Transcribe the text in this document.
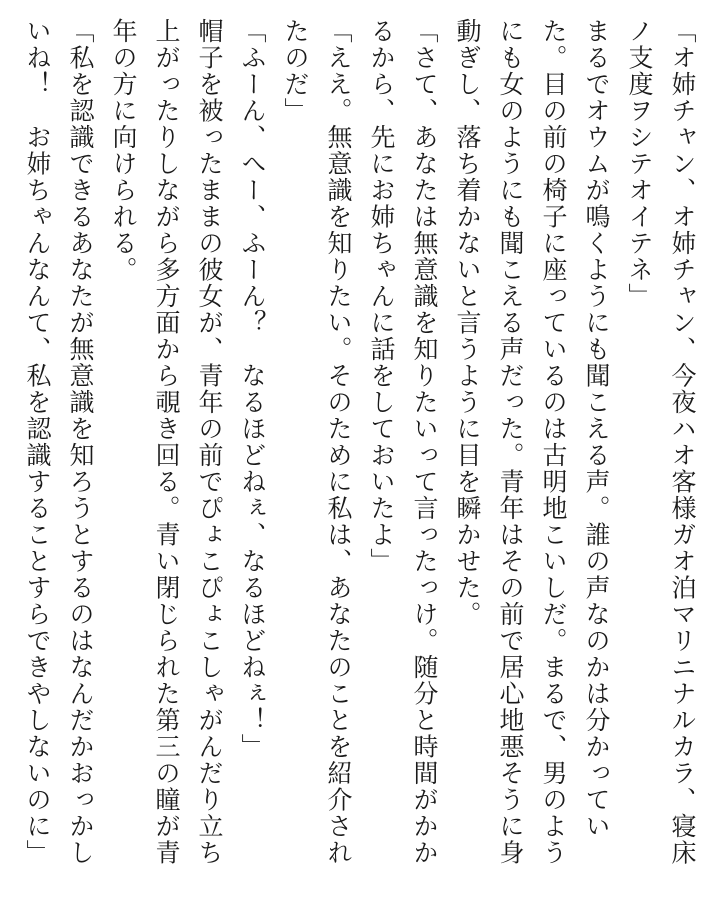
「オ姉チャン、オ姉チャン、今夜ハオ客様ガオ泊マリニナルカラ、寝床ノ支度ヲシテオイテネ」

まるでオウムが鳴くようにも聞こえる声。誰の声なのかは分かっていた。目の前の椅子に座っているのは古明地こいしだ。まるで、男のようにも女のようにも聞こえる声だった。青年はその前で居心地悪そうに身動ぎし、落ち着かないと言うように目を瞬かせた。

「さて、あなたは無意識を知りたいって言ったっけ。随分と時間がかかるから、先にお姉ちゃんに話をしておいたよ」

「ええ。無意識を知りたい。そのために私は、あなたのことを紹介されたのだ」

「ふーん、へー、ふーん？　なるほどねぇ、なるほどねぇ！」

帽子を被ったままの彼女が、青年の前でぴょこぴょこしゃがんだり立ち上がったりしながら多方面から覗き回る。青い閉じられた第三の瞳が青年の方に向けられる。

「私を認識できるあなたが無意識を知ろうとするのはなんだかおっかしいね！　お姉ちゃんなんて、私を認識することすらできやしないのに」
